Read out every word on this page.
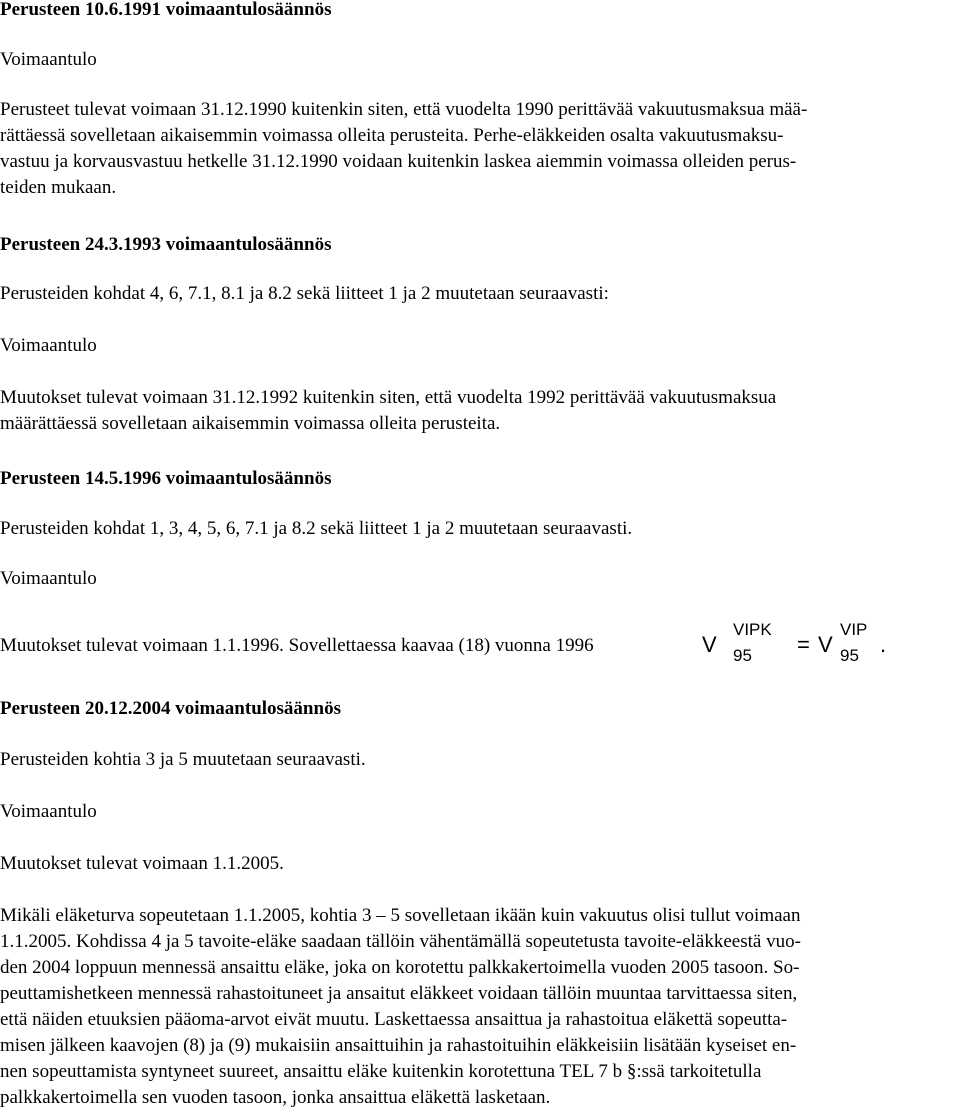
Perusteen 10.6.1991 voimaantulosäännös
Voimaantulo
Perusteet tulevat voimaan 31.12.1990 kuitenkin siten, että vuodelta 1990 perittävää vakuutusmaksua mää-
rättäessä sovelletaan aikaisemmin voimassa olleita perusteita. Perhe-eläkkeiden osalta vakuutusmaksu-
vastuu ja korvausvastuu hetkelle 31.12.1990 voidaan kuitenkin laskea aiemmin voimassa olleiden perus-
teiden mukaan.
Perusteen 24.3.1993 voimaantulosäännös
Perusteiden kohdat 4, 6, 7.1, 8.1 ja 8.2 sekä liitteet 1 ja 2 muutetaan seuraavasti:
Voimaantulo
Muutokset tulevat voimaan 31.12.1992 kuitenkin siten, että vuodelta 1992 perittävää vakuutusmaksua
määrättäessä sovelletaan aikaisemmin voimassa olleita perusteita.
Perusteen 14.5.1996 voimaantulosäännös
Perusteiden kohdat 1, 3, 4, 5, 6, 7.1 ja 8.2 sekä liitteet 1 ja 2 muutetaan seuraavasti.
Voimaantulo
Muutokset tulevat voimaan 1.1.1996. Sovellettaessa kaavaa (18) vuonna 1996	V
VIPK
95 = V
VIP
95 .
Perusteen 20.12.2004 voimaantulosäännös
Perusteiden kohtia 3 ja 5 muutetaan seuraavasti.
Voimaantulo
Muutokset tulevat voimaan 1.1.2005.
Mikäli eläketurva sopeutetaan 1.1.2005, kohtia 3 – 5 sovelletaan ikään kuin vakuutus olisi tullut voimaan
1.1.2005. Kohdissa 4 ja 5 tavoite-eläke saadaan tällöin vähentämällä sopeutetusta tavoite-eläkkeestä vuo-
den 2004 loppuun mennessä ansaittu eläke, joka on korotettu palkkakertoimella vuoden 2005 tasoon. So-
peuttamishetkeen mennessä rahastoituneet ja ansaitut eläkkeet voidaan tällöin muuntaa tarvittaessa siten,
että näiden etuuksien pääoma-arvot eivät muutu. Laskettaessa ansaittua ja rahastoitua eläkettä sopeutta-
misen jälkeen kaavojen (8) ja (9) mukaisiin ansaittuihin ja rahastoituihin eläkkeisiin lisätään kyseiset en-
nen sopeuttamista syntyneet suureet, ansaittu eläke kuitenkin korotettuna TEL 7 b §:ssä tarkoitetulla
palkkakertoimella sen vuoden tasoon, jonka ansaittua eläkettä lasketaan.
